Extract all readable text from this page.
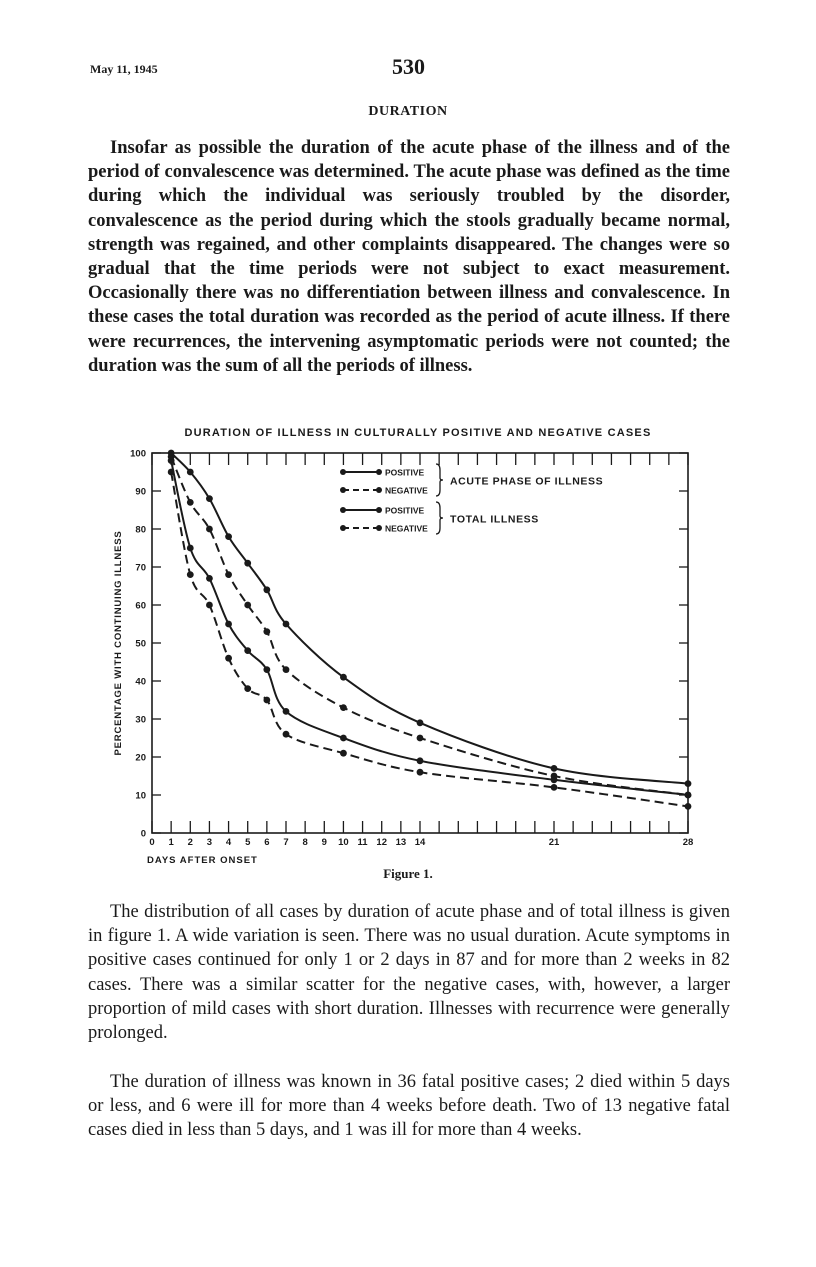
May 11, 1945	530
DURATION

Insofar as possible the duration of the acute phase of the illness and of the period of convalescence was determined. The acute phase was defined as the time during which the individual was seriously troubled by the disorder, convalescence as the period during which the stools gradually became normal, strength was regained, and other complaints disappeared. The changes were so gradual that the time periods were not subject to exact measurement. Occasionally there was no differentiation between illness and convalescence. In these cases the total duration was recorded as the period of acute illness. If there were recurrences, the intervening asymptomatic periods were not counted; the duration was the sum of all the periods of illness.

DURATION OF ILLNESS IN CULTURALLY POSITIVE AND NEGATIVE CASES
0 1 2 3 4 5 6 7 8 9 10 11 12 13 14	21	28
0
10
20
30
40
50
60
70
80
90
100
DAYS AFTER ONSET
PERCENTAGE WITH CONTINUING ILLNESS
POSITIVE
NEGATIVE
ACUTE PHASE OF ILLNESS
POSITIVE
NEGATIVE
TOTAL ILLNESS
Figure 1.

The distribution of all cases by duration of acute phase and of total illness is given in figure 1. A wide variation is seen. There was no usual duration. Acute symptoms in positive cases continued for only 1 or 2 days in 87 and for more than 2 weeks in 82 cases. There was a similar scatter for the negative cases, with, however, a larger proportion of mild cases with short duration. Illnesses with recurrence were generally prolonged.

The duration of illness was known in 36 fatal positive cases; 2 died within 5 days or less, and 6 were ill for more than 4 weeks before death. Two of 13 negative fatal cases died in less than 5 days, and 1 was ill for more than 4 weeks.
